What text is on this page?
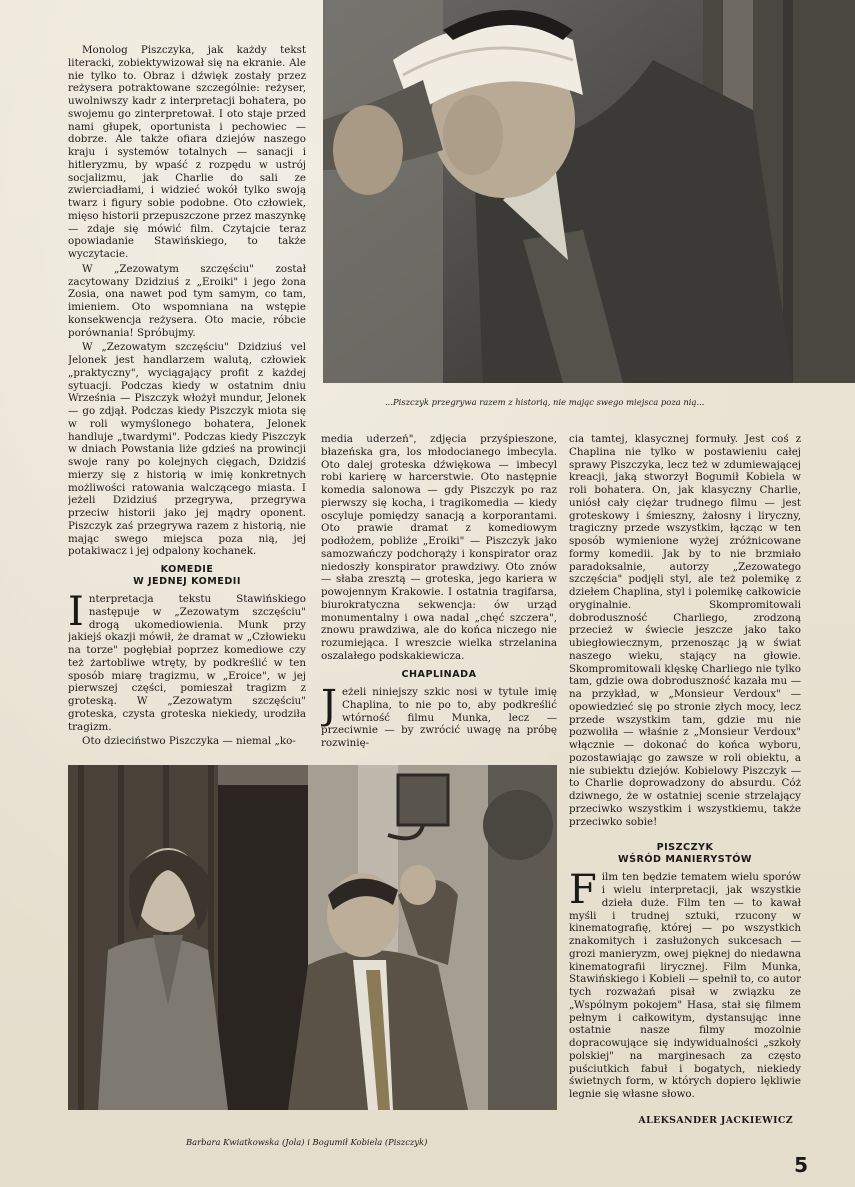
Monolog Piszczyka, jak każdy tekst literacki, zobiektywizował się na ekranie. Ale nie tylko to. Obraz i dźwięk zostały przez reżysera potraktowane szczególnie: reżyser, uwolniwszy kadr z interpretacji bohatera, po swojemu go zinterpretował. I oto staje przed nami głupek, oportunista i pechowiec — dobrze. Ale także ofiara dziejów naszego kraju i systemów totalnych — sanacji i hitleryzmu, by wpaść z rozpędu w ustrój socjalizmu, jak Charlie do sali ze zwierciadłami, i widzieć wokół tylko swoją twarz i figury sobie podobne. Oto człowiek, mięso historii przepuszczone przez maszynkę — zdaje się mówić film. Czytajcie teraz opowiadanie Stawińskiego, to także wyczytacie.

W „Zezowatym szczęściu" został zacytowany Dzidziuś z „Eroiki" i jego żona Zosia, ona nawet pod tym samym, co tam, imieniem. Oto wspomniana na wstępie konsekwencja reżysera. Oto macie, róbcie porównania! Spróbujmy.

W „Zezowatym szczęściu" Dzidziuś vel Jelonek jest handlarzem walutą, człowiek „praktyczny", wyciągający profit z każdej sytuacji. Podczas kiedy w ostatnim dniu Września — Piszczyk włożył mundur, Jelonek — go zdjął. Podczas kiedy Piszczyk miota się w roli wymyślonego bohatera, Jelonek handluje „twardymi". Podczas kiedy Piszczyk w dniach Powstania liże gdzieś na prowincji swoje rany po kolejnych cięgach, Dzidziś mierzy się z historią w imię konkretnych możliwości ratowania walczącego miasta. I jeżeli Dzidziuś przegrywa, przegrywa przeciw historii jako jej mądry oponent. Piszczyk zaś przegrywa razem z historią, nie mając swego miejsca poza nią, jej potakiwacz i jej odpalony kochanek.

KOMEDIE
W JEDNEJ KOMEDII

Interpretacja tekstu Stawińskiego następuje w „Zezowatym szczęściu" drogą ukomediowienia. Munk przy jakiejś okazji mówił, że dramat w „Człowieku na torze" pogłębiał poprzez komediowe czy też żartobliwe wtręty, by podkreślić w ten sposób miarę tragizmu, w „Eroice", w jej pierwszej części, pomieszał tragizm z groteską. W „Zezowatym szczęściu" groteska, czysta groteska niekiedy, urodziła tragizm.

Oto dzieciństwo Piszczyka — niemal „ko-

...Piszczyk przegrywa razem z historią, nie mając swego miejsca poza nią...

media uderzeń", zdjęcia przyśpieszone, błazeńska gra, los młodocianego imbecyla. Oto dalej groteska dźwiękowa — imbecyl robi karierę w harcerstwie. Oto następnie komedia salonowa — gdy Piszczyk po raz pierwszy się kocha, i tragikomedia — kiedy oscyluje pomiędzy sanacją a korporantami. Oto prawie dramat z komediowym podłożem, pobliże „Eroiki" — Piszczyk jako samozwańczy podchorąży i konspirator oraz niedoszły konspirator prawdziwy. Oto znów — słaba zresztą — groteska, jego kariera w powojennym Krakowie. I ostatnia tragifarsa, biurokratyczna sekwencja: ów urząd monumentalny i owa nadal „chęć szczera", znowu prawdziwa, ale do końca niczego nie rozumiejąca. I wreszcie wielka strzelanina oszalałego podskakiewicza.

CHAPLINADA

Jeżeli niniejszy szkic nosi w tytule imię Chaplina, to nie po to, aby podkreślić wtórność filmu Munka, lecz — przeciwnie — by zwrócić uwagę na próbę rozwinię-

cia tamtej, klasycznej formuły. Jest coś z Chaplina nie tylko w postawieniu całej sprawy Piszczyka, lecz też w zdumiewającej kreacji, jaką stworzył Bogumił Kobiela w roli bohatera. On, jak klasyczny Charlie, uniósł cały ciężar trudnego filmu — jest groteskowy i śmieszny, żałosny i liryczny, tragiczny przede wszystkim, łącząc w ten sposób wymienione wyżej zróżnicowane formy komedii. Jak by to nie brzmiało paradoksalnie, autorzy „Zezowatego szczęścia" podjęli styl, ale też polemikę z dziełem Chaplina, styl i polemikę całkowicie oryginalnie. Skompromitowali dobroduszność Charliego, zrodzoną przecież w świecie jeszcze jako tako ubiegłowiecznym, przenosząc ją w świat naszego wieku, stający na głowie. Skompromitowali klęskę Charliego nie tylko tam, gdzie owa dobroduszność kazała mu — na przykład, w „Monsieur Verdoux" — opowiedzieć się po stronie złych mocy, lecz przede wszystkim tam, gdzie mu nie pozwoliła — właśnie z „Monsieur Verdoux" włącznie — dokonać do końca wyboru, pozostawiając go zawsze w roli obiektu, a nie subiektu dziejów. Kobielowy Piszczyk — to Charlie doprowadzony do absurdu. Cóż dziwnego, że w ostatniej scenie strzelający przeciwko wszystkim i wszystkiemu, także przeciwko sobie!

PISZCZYK
WŚRÓD MANIERYSTÓW

Film ten będzie tematem wielu sporów i wielu interpretacji, jak wszystkie dzieła duże. Film ten — to kawał myśli i trudnej sztuki, rzucony w kinematografię, której — po wszystkich znakomitych i zasłużonych sukcesach — grozi manieryzm, owej pięknej do niedawna kinematografii lirycznej. Film Munka, Stawińskiego i Kobieli — spełnił to, co autor tych rozważań pisał w związku ze „Wspólnym pokojem" Hasa, stał się filmem pełnym i całkowitym, dystansując inne ostatnie nasze filmy mozolnie dopracowujące się indywidualności „szkoły polskiej" na marginesach za często puściutkich fabuł i bogatych, niekiedy świetnych form, w których dopiero lękliwie legnie się własne słowo.

ALEKSANDER JACKIEWICZ
Barbara Kwiatkowska (Jola) i Bogumił Kobiela (Piszczyk)
5
